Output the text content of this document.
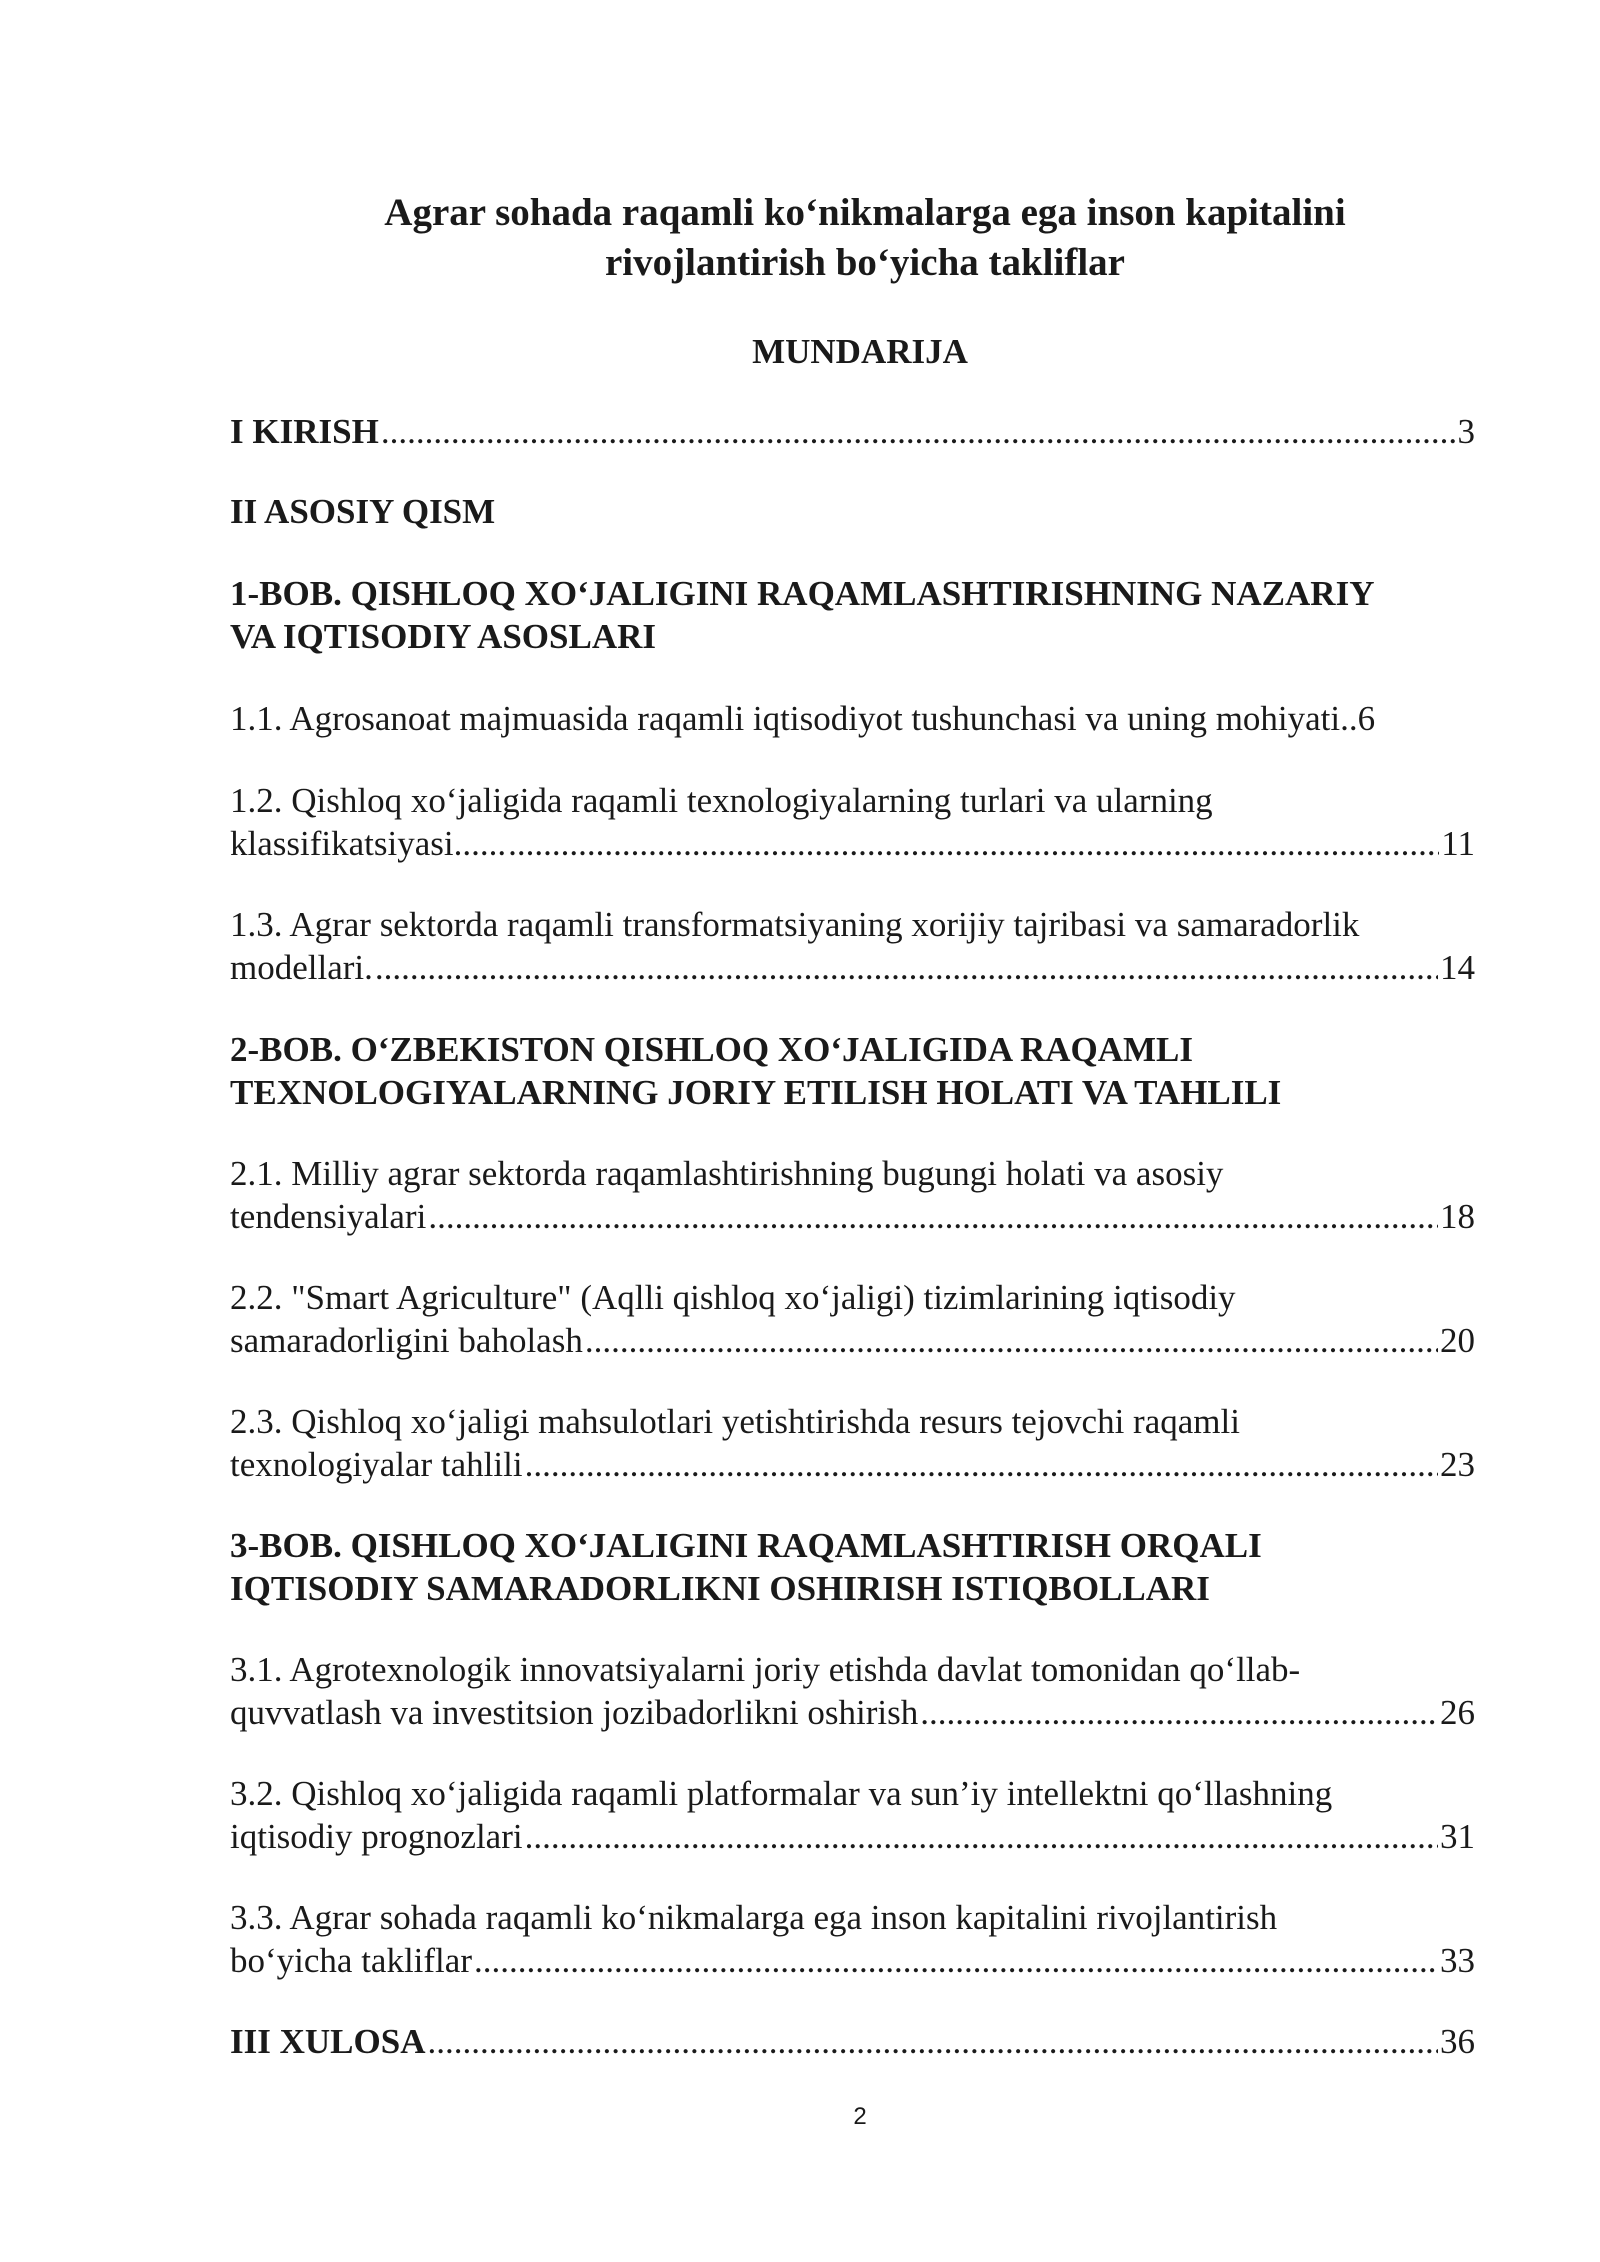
Agrar sohada raqamli ko‘nikmalarga ega inson kapitalini
rivojlantirish bo‘yicha takliflar
MUNDARIJA
I KIRISH .....	3
II ASOSIY QISM
1-BOB. QISHLOQ XO‘JALIGINI RAQAMLASHTIRISHNING NAZARIY
VA IQTISODIY ASOSLARI
1.1. Agrosanoat majmuasida raqamli iqtisodiyot tushunchasi va uning mohiyati.. 6
1.2. Qishloq xo‘jaligida raqamli texnologiyalarning turlari va ularning
klassifikatsiyasi...... .....	11
1.3. Agrar sektorda raqamli transformatsiyaning xorijiy tajribasi va samaradorlik
modellari. .....	14
2-BOB. O‘ZBEKISTON QISHLOQ XO‘JALIGIDA RAQAMLI
TEXNOLOGIYALARNING JORIY ETILISH HOLATI VA TAHLILI
2.1. Milliy agrar sektorda raqamlashtirishning bugungi holati va asosiy
tendensiyalari .....	18
2.2. "Smart Agriculture" (Aqlli qishloq xo‘jaligi) tizimlarining iqtisodiy
samaradorligini baholash .....	20
2.3. Qishloq xo‘jaligi mahsulotlari yetishtirishda resurs tejovchi raqamli
texnologiyalar tahlili .....	23
3-BOB. QISHLOQ XO‘JALIGINI RAQAMLASHTIRISH ORQALI
IQTISODIY SAMARADORLIKNI OSHIRISH ISTIQBOLLARI
3.1. Agrotexnologik innovatsiyalarni joriy etishda davlat tomonidan qo‘llab-
quvvatlash va investitsion jozibadorlikni oshirish .....	26
3.2. Qishloq xo‘jaligida raqamli platformalar va sun’iy intellektni qo‘llashning
iqtisodiy prognozlari .....	31
3.3. Agrar sohada raqamli ko‘nikmalarga ega inson kapitalini rivojlantirish
bo‘yicha takliflar .....	33
III XULOSA .....	36
2
